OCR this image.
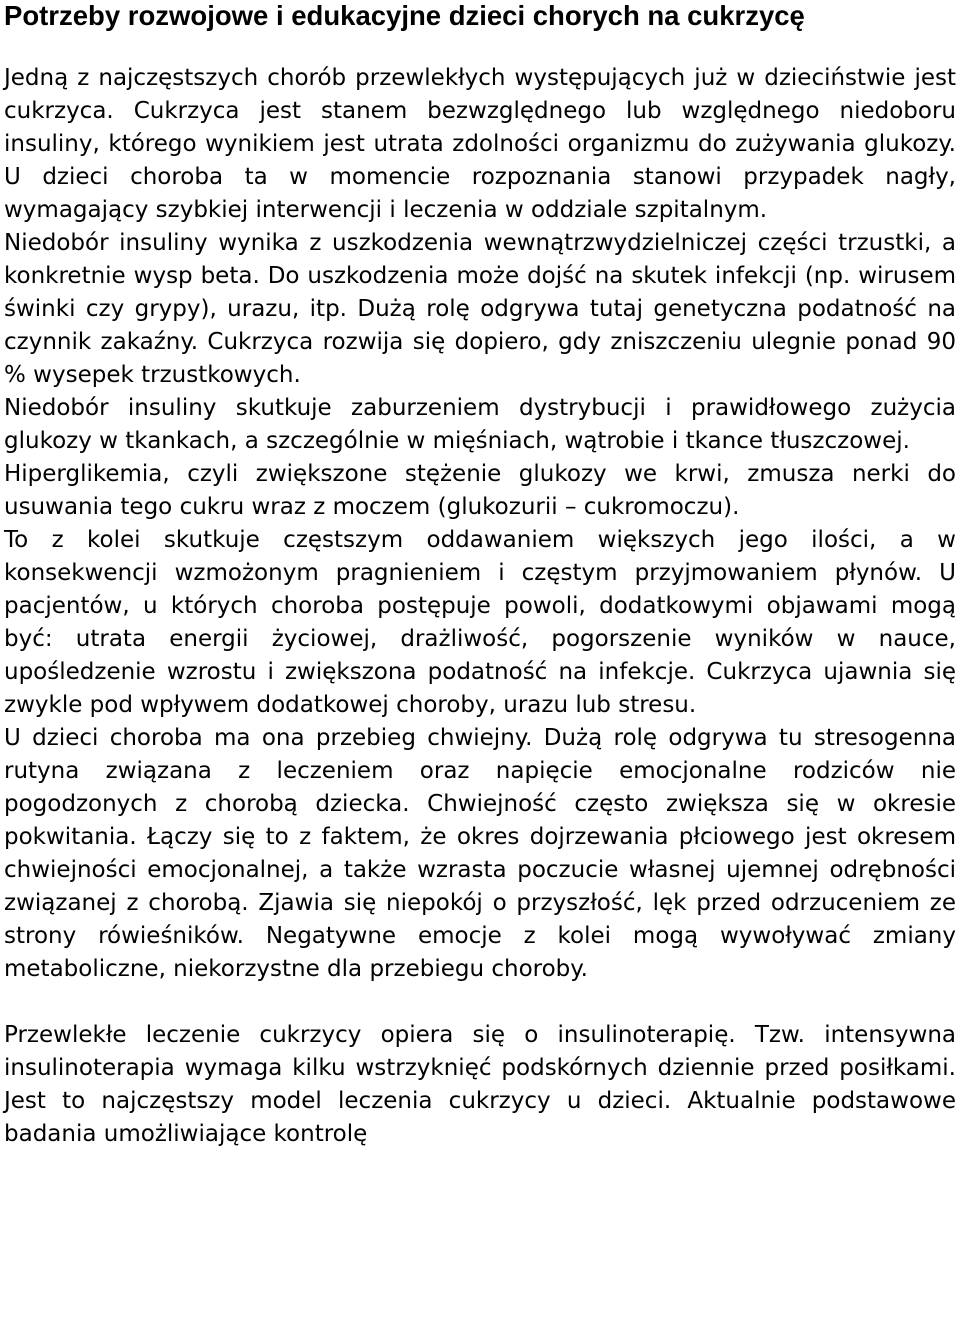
Potrzeby rozwojowe i edukacyjne dzieci chorych na cukrzycę

Jedną z najczęstszych chorób przewlekłych występujących już w dzieciństwie jest cukrzyca. Cukrzyca jest stanem bezwzględnego lub względnego niedoboru insuliny, którego wynikiem jest utrata zdolności organizmu do zużywania glukozy. U dzieci choroba ta w momencie rozpoznania stanowi przypadek nagły, wymagający szybkiej interwencji i leczenia w oddziale szpitalnym.

Niedobór insuliny wynika z uszkodzenia wewnątrzwydzielniczej części trzustki, a konkretnie wysp beta. Do uszkodzenia może dojść na skutek infekcji (np. wirusem świnki czy grypy), urazu, itp. Dużą rolę odgrywa tutaj genetyczna podatność na czynnik zakaźny. Cukrzyca rozwija się dopiero, gdy zniszczeniu ulegnie ponad 90 % wysepek trzustkowych.

Niedobór insuliny skutkuje zaburzeniem dystrybucji i prawidłowego zużycia glukozy w tkankach, a szczególnie w mięśniach, wątrobie i tkance tłuszczowej.

Hiperglikemia, czyli zwiększone stężenie glukozy we krwi, zmusza nerki do usuwania tego cukru wraz z moczem (glukozurii – cukromoczu).

To z kolei skutkuje częstszym oddawaniem większych jego ilości, a w konsekwencji wzmożonym pragnieniem i częstym przyjmowaniem płynów. U pacjentów, u których choroba postępuje powoli, dodatkowymi objawami mogą być: utrata energii życiowej, drażliwość, pogorszenie wyników w nauce, upośledzenie wzrostu i zwiększona podatność na infekcje. Cukrzyca ujawnia się zwykle pod wpływem dodatkowej choroby, urazu lub stresu.

U dzieci choroba ma ona przebieg chwiejny. Dużą rolę odgrywa tu stresogenna rutyna związana z leczeniem oraz napięcie emocjonalne rodziców nie pogodzonych z chorobą dziecka. Chwiejność często zwiększa się w okresie pokwitania. Łączy się to z faktem, że okres dojrzewania płciowego jest okresem chwiejności emocjonalnej, a także wzrasta poczucie własnej ujemnej odrębności związanej z chorobą. Zjawia się niepokój o przyszłość, lęk przed odrzuceniem ze strony rówieśników. Negatywne emocje z kolei mogą wywoływać zmiany metaboliczne, niekorzystne dla przebiegu choroby.

Przewlekłe leczenie cukrzycy opiera się o insulinoterapię. Tzw. intensywna insulinoterapia wymaga kilku wstrzyknięć podskórnych dziennie przed posiłkami. Jest to najczęstszy model leczenia cukrzycy u dzieci. Aktualnie podstawowe badania umożliwiające kontrolę
